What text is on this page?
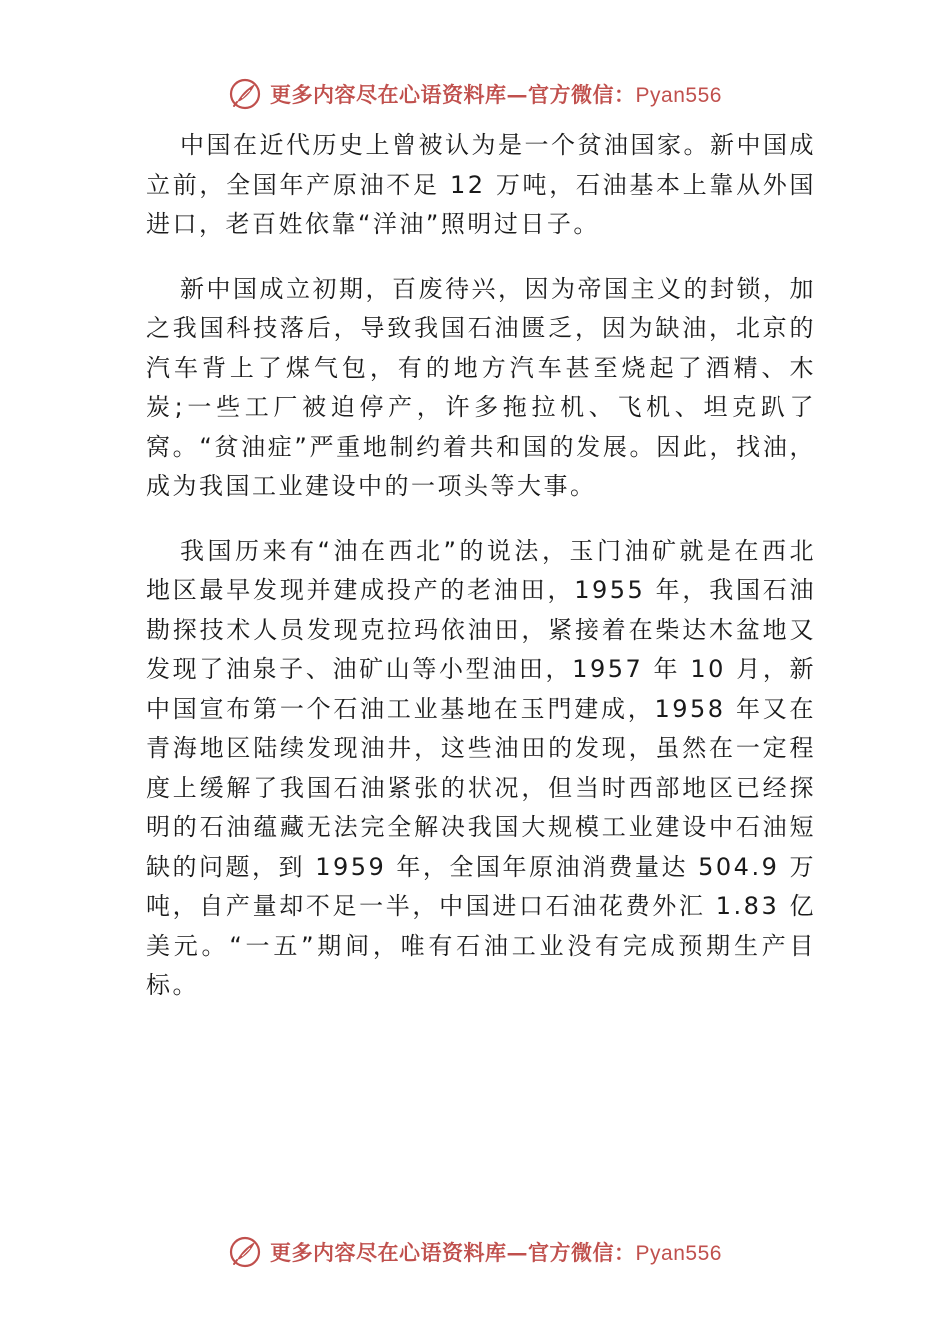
更多内容尽在心语资料库—官方微信：Pyan556

中国在近代历史上曾被认为是一个贫油国家。新中国成立前，全国年产原油不足 12 万吨，石油基本上靠从外国进口，老百姓依靠“洋油”照明过日子。

新中国成立初期，百废待兴，因为帝国主义的封锁，加之我国科技落后，导致我国石油匮乏，因为缺油，北京的汽车背上了煤气包，有的地方汽车甚至烧起了酒精、木炭;一些工厂被迫停产，许多拖拉机、飞机、坦克趴了窝。“贫油症”严重地制约着共和国的发展。因此，找油，成为我国工业建设中的一项头等大事。

我国历来有“油在西北”的说法，玉门油矿就是在西北地区最早发现并建成投产的老油田，1955 年，我国石油勘探技术人员发现克拉玛依油田，紧接着在柴达木盆地又发现了油泉子、油矿山等小型油田，1957 年 10 月，新中国宣布第一个石油工业基地在玉門建成，1958 年又在青海地区陆续发现油井，这些油田的发现，虽然在一定程度上缓解了我国石油紧张的状况，但当时西部地区已经探明的石油蕴藏无法完全解决我国大规模工业建设中石油短缺的问题，到 1959 年，全国年原油消费量达 504.9 万吨，自产量却不足一半，中国进口石油花费外汇 1.83 亿美元。“一五”期间，唯有石油工业没有完成预期生产目标。

更多内容尽在心语资料库—官方微信：Pyan556
